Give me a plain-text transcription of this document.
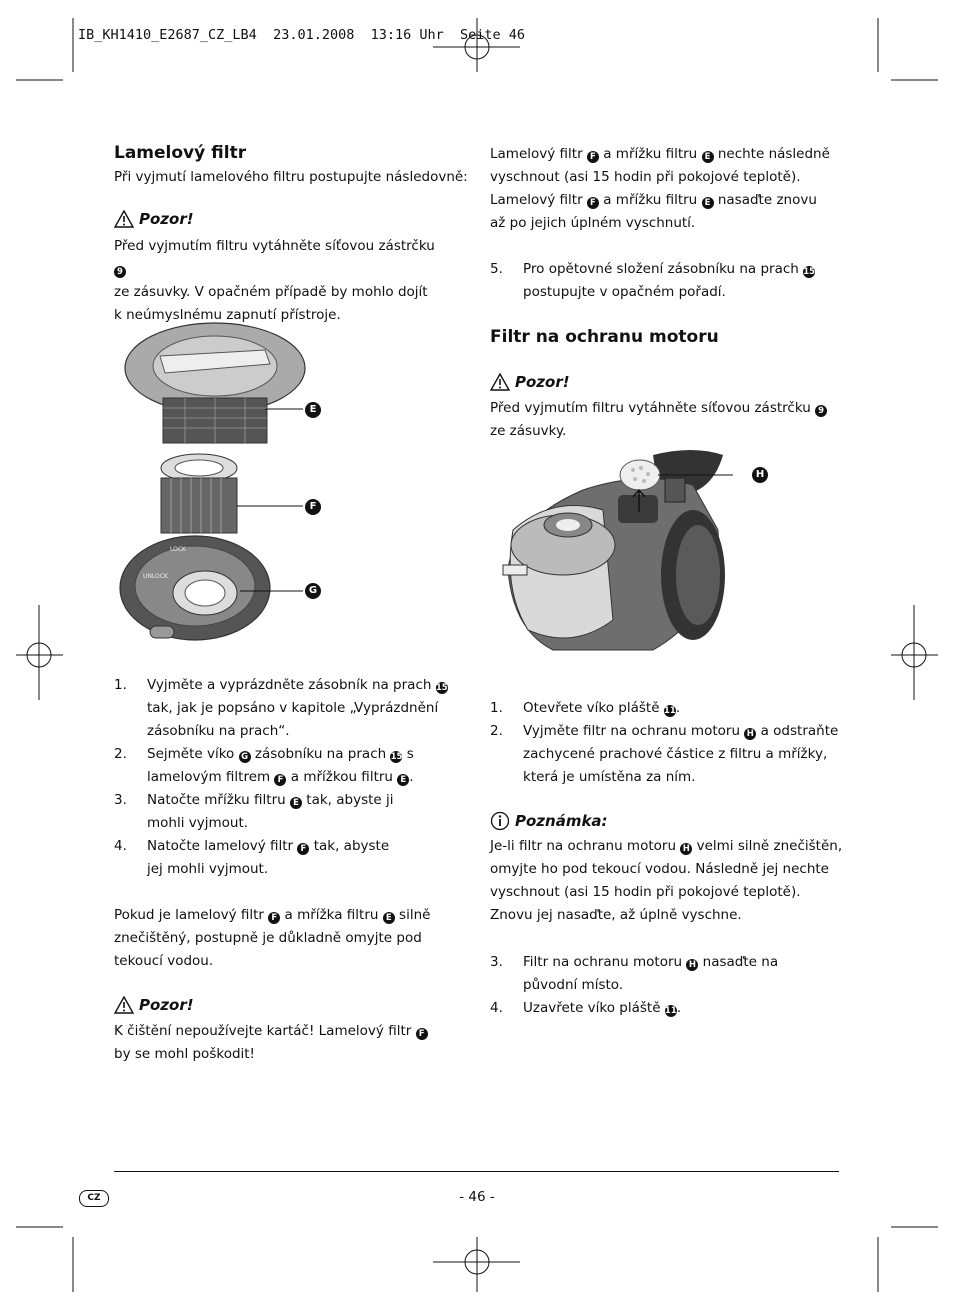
IB_KH1410_E2687_CZ_LB4  23.01.2008  13:16 Uhr  Seite 46
Lamelový filtr
Při vyjmutí lamelového filtru postupujte následovně:
Pozor!
Před vyjmutím filtru vytáhněte síťovou zástrčku 9
ze zásuvky. V opačném případě by mohlo dojít
k neúmyslnému zapnutí přístroje.
LOCK
UNLOCK
E
F
G
1.	Vyjměte a vyprázdněte zásobník na prach 15
tak, jak je popsáno v kapitole „Vyprázdnění
zásobníku na prach“.
2.	Sejměte víko G zásobníku na prach 15 s
lamelovým filtrem F a mřížkou filtru E .
3.	Natočte mřížku filtru E tak, abyste ji
mohli vyjmout.
4.	Natočte lamelový filtr F tak, abyste
jej mohli vyjmout.
Pokud je lamelový filtr F a mřížka filtru E silně
znečištěný, postupně je důkladně omyjte pod
tekoucí vodou.
Pozor!
K čištění nepoužívejte kartáč! Lamelový filtr F
by se mohl poškodit!
Lamelový filtr F a mřížku filtru E nechte následně
vyschnout (asi 15 hodin při pokojové teplotě).
Lamelový filtr F a mřížku filtru E nasaďte znovu
až po jejich úplném vyschnutí.
5.	Pro opětovné složení zásobníku na prach 15
postupujte v opačném pořadí.
Filtr na ochranu motoru
Pozor!
Před vyjmutím filtru vytáhněte síťovou zástrčku 9
ze zásuvky.
H
1.	Otevřete víko pláště 11.
2.	Vyjměte filtr na ochranu motoru H a odstraňte
zachycené prachové částice z filtru a mřížky,
která je umístěna za ním.
Poznámka:
Je-li filtr na ochranu motoru H velmi silně znečištěn,
omyjte ho pod tekoucí vodou. Následně jej nechte
vyschnout (asi 15 hodin při pokojové teplotě).
Znovu jej nasaďte, až úplně vyschne.
3.	Filtr na ochranu motoru H nasaďte na
původní místo.
4.	Uzavřete víko pláště 11.
CZ	- 46 -
